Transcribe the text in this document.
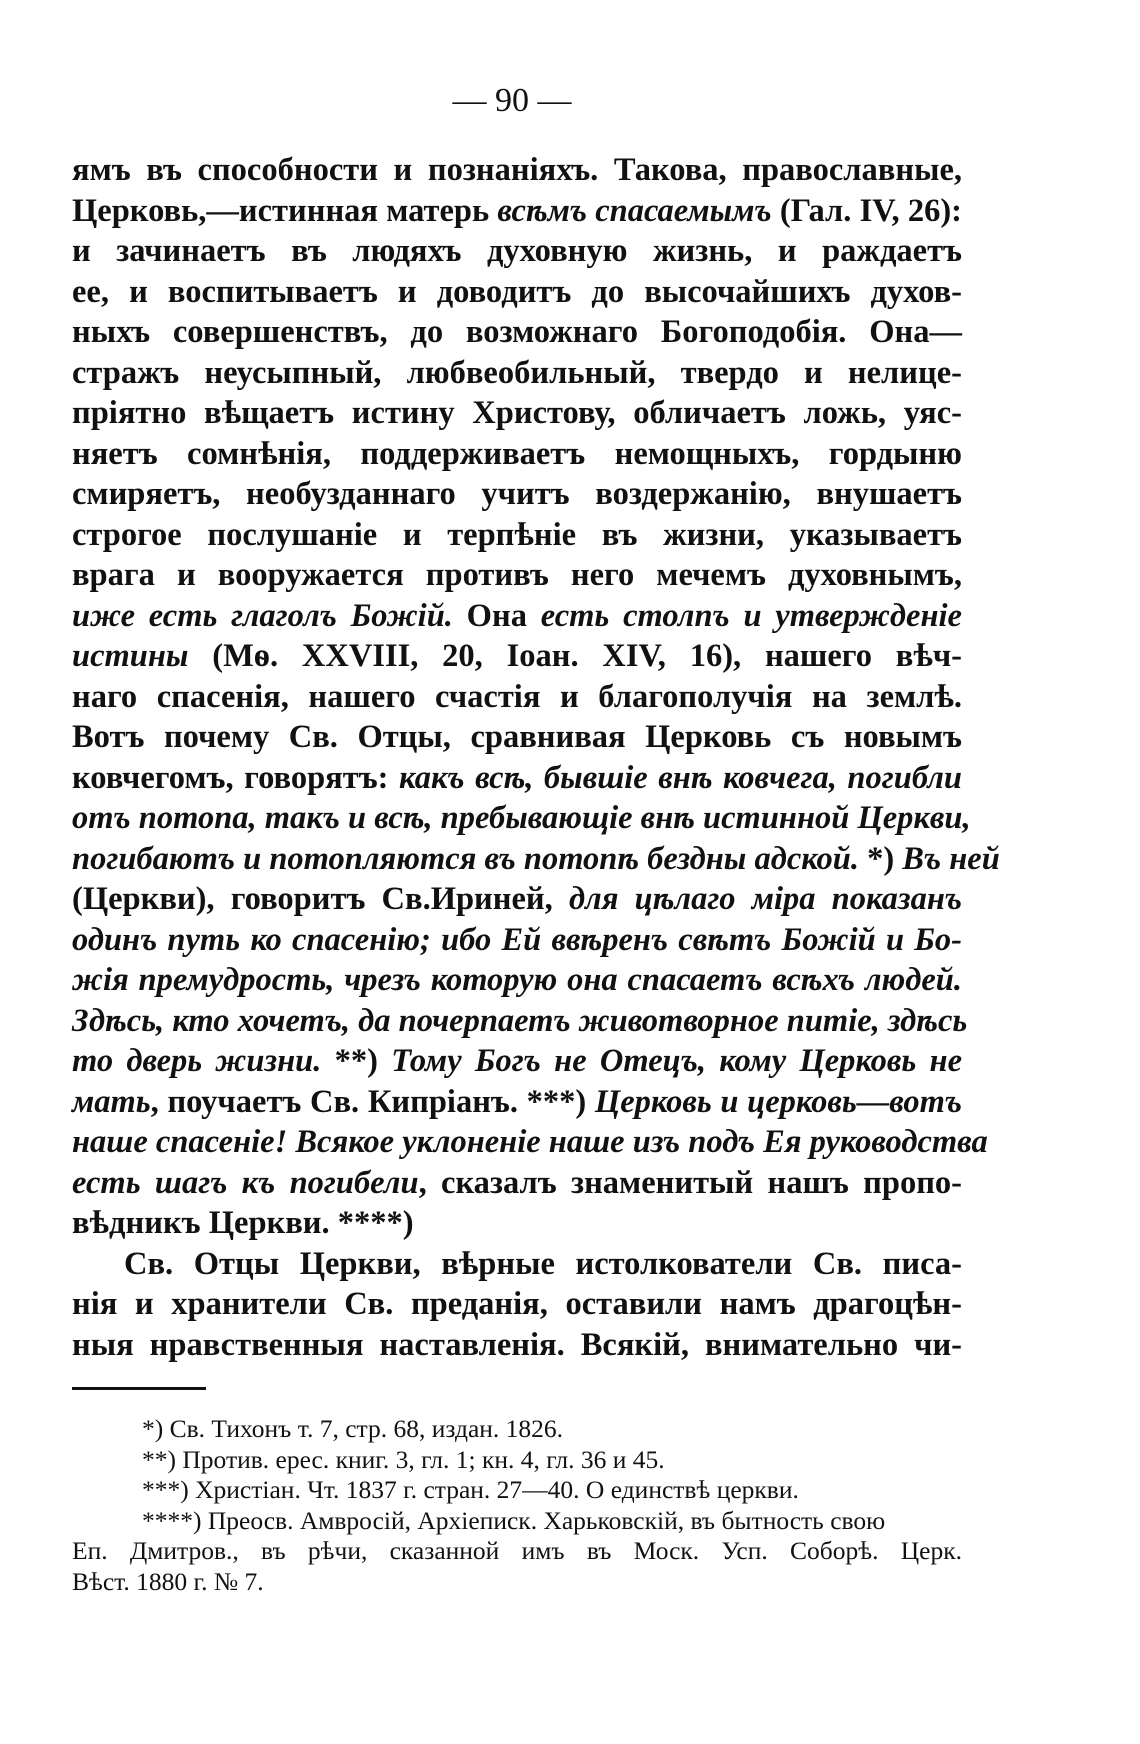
— 90 —
ямъ въ способности и познаніяхъ. Такова, православные,
Церковь,—истинная матерь всѣмъ спасаемымъ (Гал. IV, 26):
и зачинаетъ въ людяхъ духовную жизнь, и раждаетъ
ее, и воспитываетъ и доводитъ до высочайшихъ духов-
ныхъ совершенствъ, до возможнаго Богоподобія. Она—
стражъ неусыпный, любвеобильный, твердо и нелице-
пріятно вѣщаетъ истину Христову, обличаетъ ложь, уяс-
няетъ сомнѣнія, поддерживаетъ немощныхъ, гордыню
смиряетъ, необузданнаго учитъ воздержанію, внушаетъ
строгое послушаніе и терпѣніе въ жизни, указываетъ
врага и вооружается противъ него мечемъ духовнымъ,
иже есть глаголъ Божій. Она есть столпъ и утвержденіе
истины (Мѳ. XXVIII, 20, Іоан. XIV, 16), нашего вѣч-
наго спасенія, нашего счастія и благополучія на землѣ.
Вотъ почему Св. Отцы, сравнивая Церковь съ новымъ
ковчегомъ, говорятъ: какъ всѣ, бывшіе внѣ ковчега, погибли
отъ потопа, такъ и всѣ, пребывающіе внѣ истинной Церкви,
погибаютъ и потопляются въ потопѣ бездны адской. *) Въ ней
(Церкви), говоритъ Св.Ириней, для цѣлаго міра показанъ
одинъ путь ко спасенію; ибо Ей ввѣренъ свѣтъ Божій и Бо-
жія премудрость, чрезъ которую она спасаетъ всѣхъ людей.
Здѣсь, кто хочетъ, да почерпаетъ животворное питіе, здѣсь
то дверь жизни. **) Тому Богъ не Отецъ, кому Церковь не
мать, поучаетъ Св. Кипріанъ. ***) Церковь и церковь—вотъ
наше спасеніе! Всякое уклоненіе наше изъ подъ Ея руководства
есть шагъ къ погибели, сказалъ знаменитый нашъ пропо-
вѣдникъ Церкви. ****)
Св. Отцы Церкви, вѣрные истолкователи Св. писа-
нія и хранители Св. преданія, оставили намъ драгоцѣн-
ныя нравственныя наставленія. Всякій, внимательно чи-
*) Св. Тихонъ т. 7, стр. 68, издан. 1826.
**) Против. ерес. книг. 3, гл. 1; кн. 4, гл. 36 и 45.
***) Христіан. Чт. 1837 г. стран. 27—40. О единствѣ церкви.
****) Преосв. Амвросій, Архіеписк. Харьковскій, въ бытность свою
Еп. Дмитров., въ рѣчи, сказанной имъ въ Моск. Усп. Соборѣ. Церк.
Вѣст. 1880 г. № 7.
